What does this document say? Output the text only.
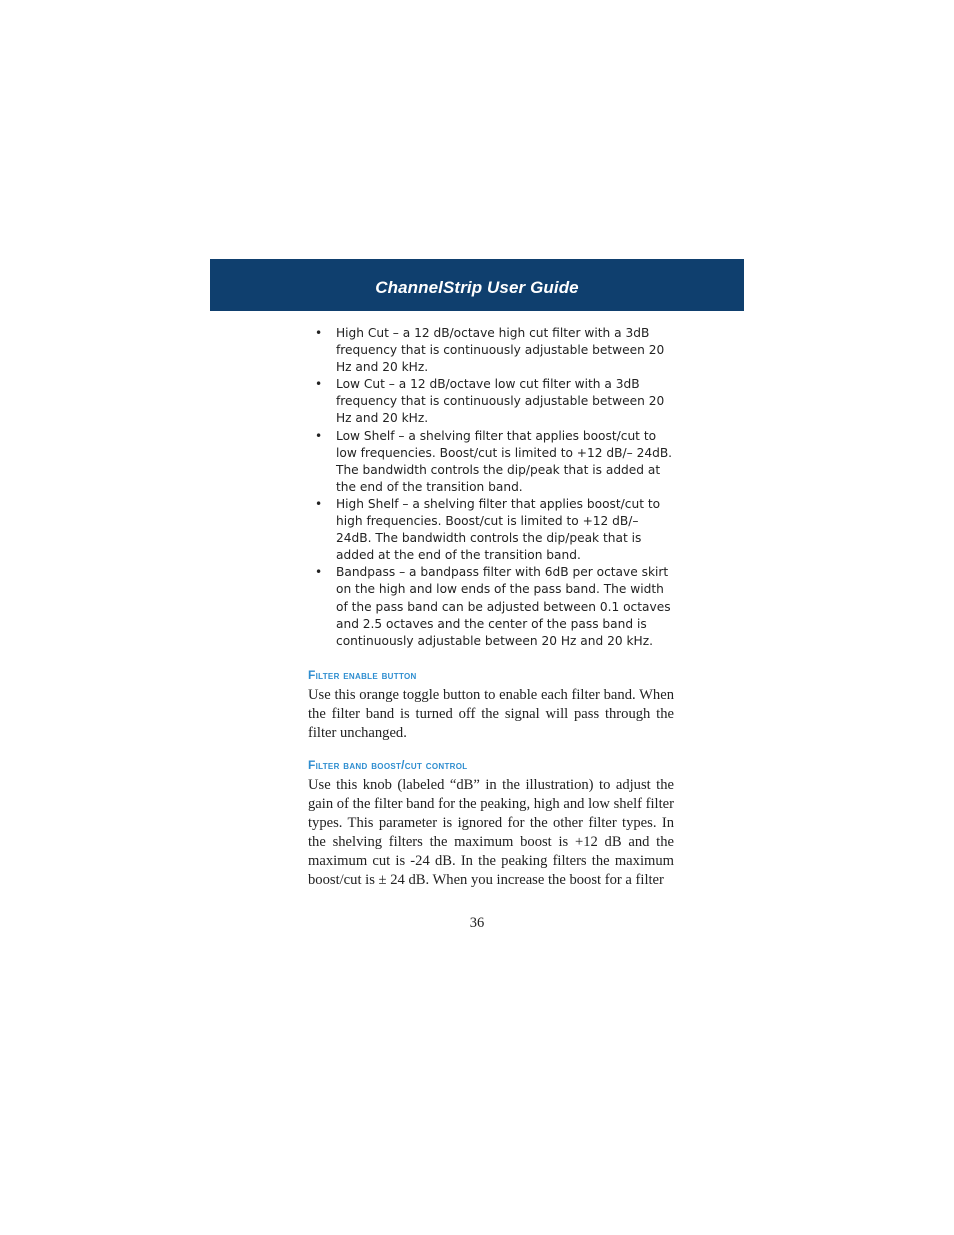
ChannelStrip User Guide
• High Cut – a 12 dB/octave high cut filter with a 3dB frequency that is continuously adjustable between 20 Hz and 20 kHz.
• Low Cut – a 12 dB/octave low cut filter with a 3dB frequency that is continuously adjustable between 20 Hz and 20 kHz.
• Low Shelf – a shelving filter that applies boost/cut to low frequencies. Boost/cut is limited to +12 dB/– 24dB. The bandwidth controls the dip/peak that is added at the end of the transition band.
• High Shelf – a shelving filter that applies boost/cut to high frequencies. Boost/cut is limited to +12 dB/– 24dB. The bandwidth controls the dip/peak that is added at the end of the transition band.
• Bandpass – a bandpass filter with 6dB per octave skirt on the high and low ends of the pass band. The width of the pass band can be adjusted between 0.1 octaves and 2.5 octaves and the center of the pass band is continuously adjustable between 20 Hz and 20 kHz.
Filter enable button

Use this orange toggle button to enable each filter band. When the filter band is turned off the signal will pass through the filter unchanged.

Filter band boost/cut control

Use this knob (labeled “dB” in the illustration) to adjust the gain of the filter band for the peaking, high and low shelf filter types. This parameter is ignored for the other filter types. In the shelving filters the maximum boost is +12 dB and the maximum cut is -24 dB. In the peaking filters the maximum boost/cut is ± 24 dB. When you increase the boost for a filter

36
